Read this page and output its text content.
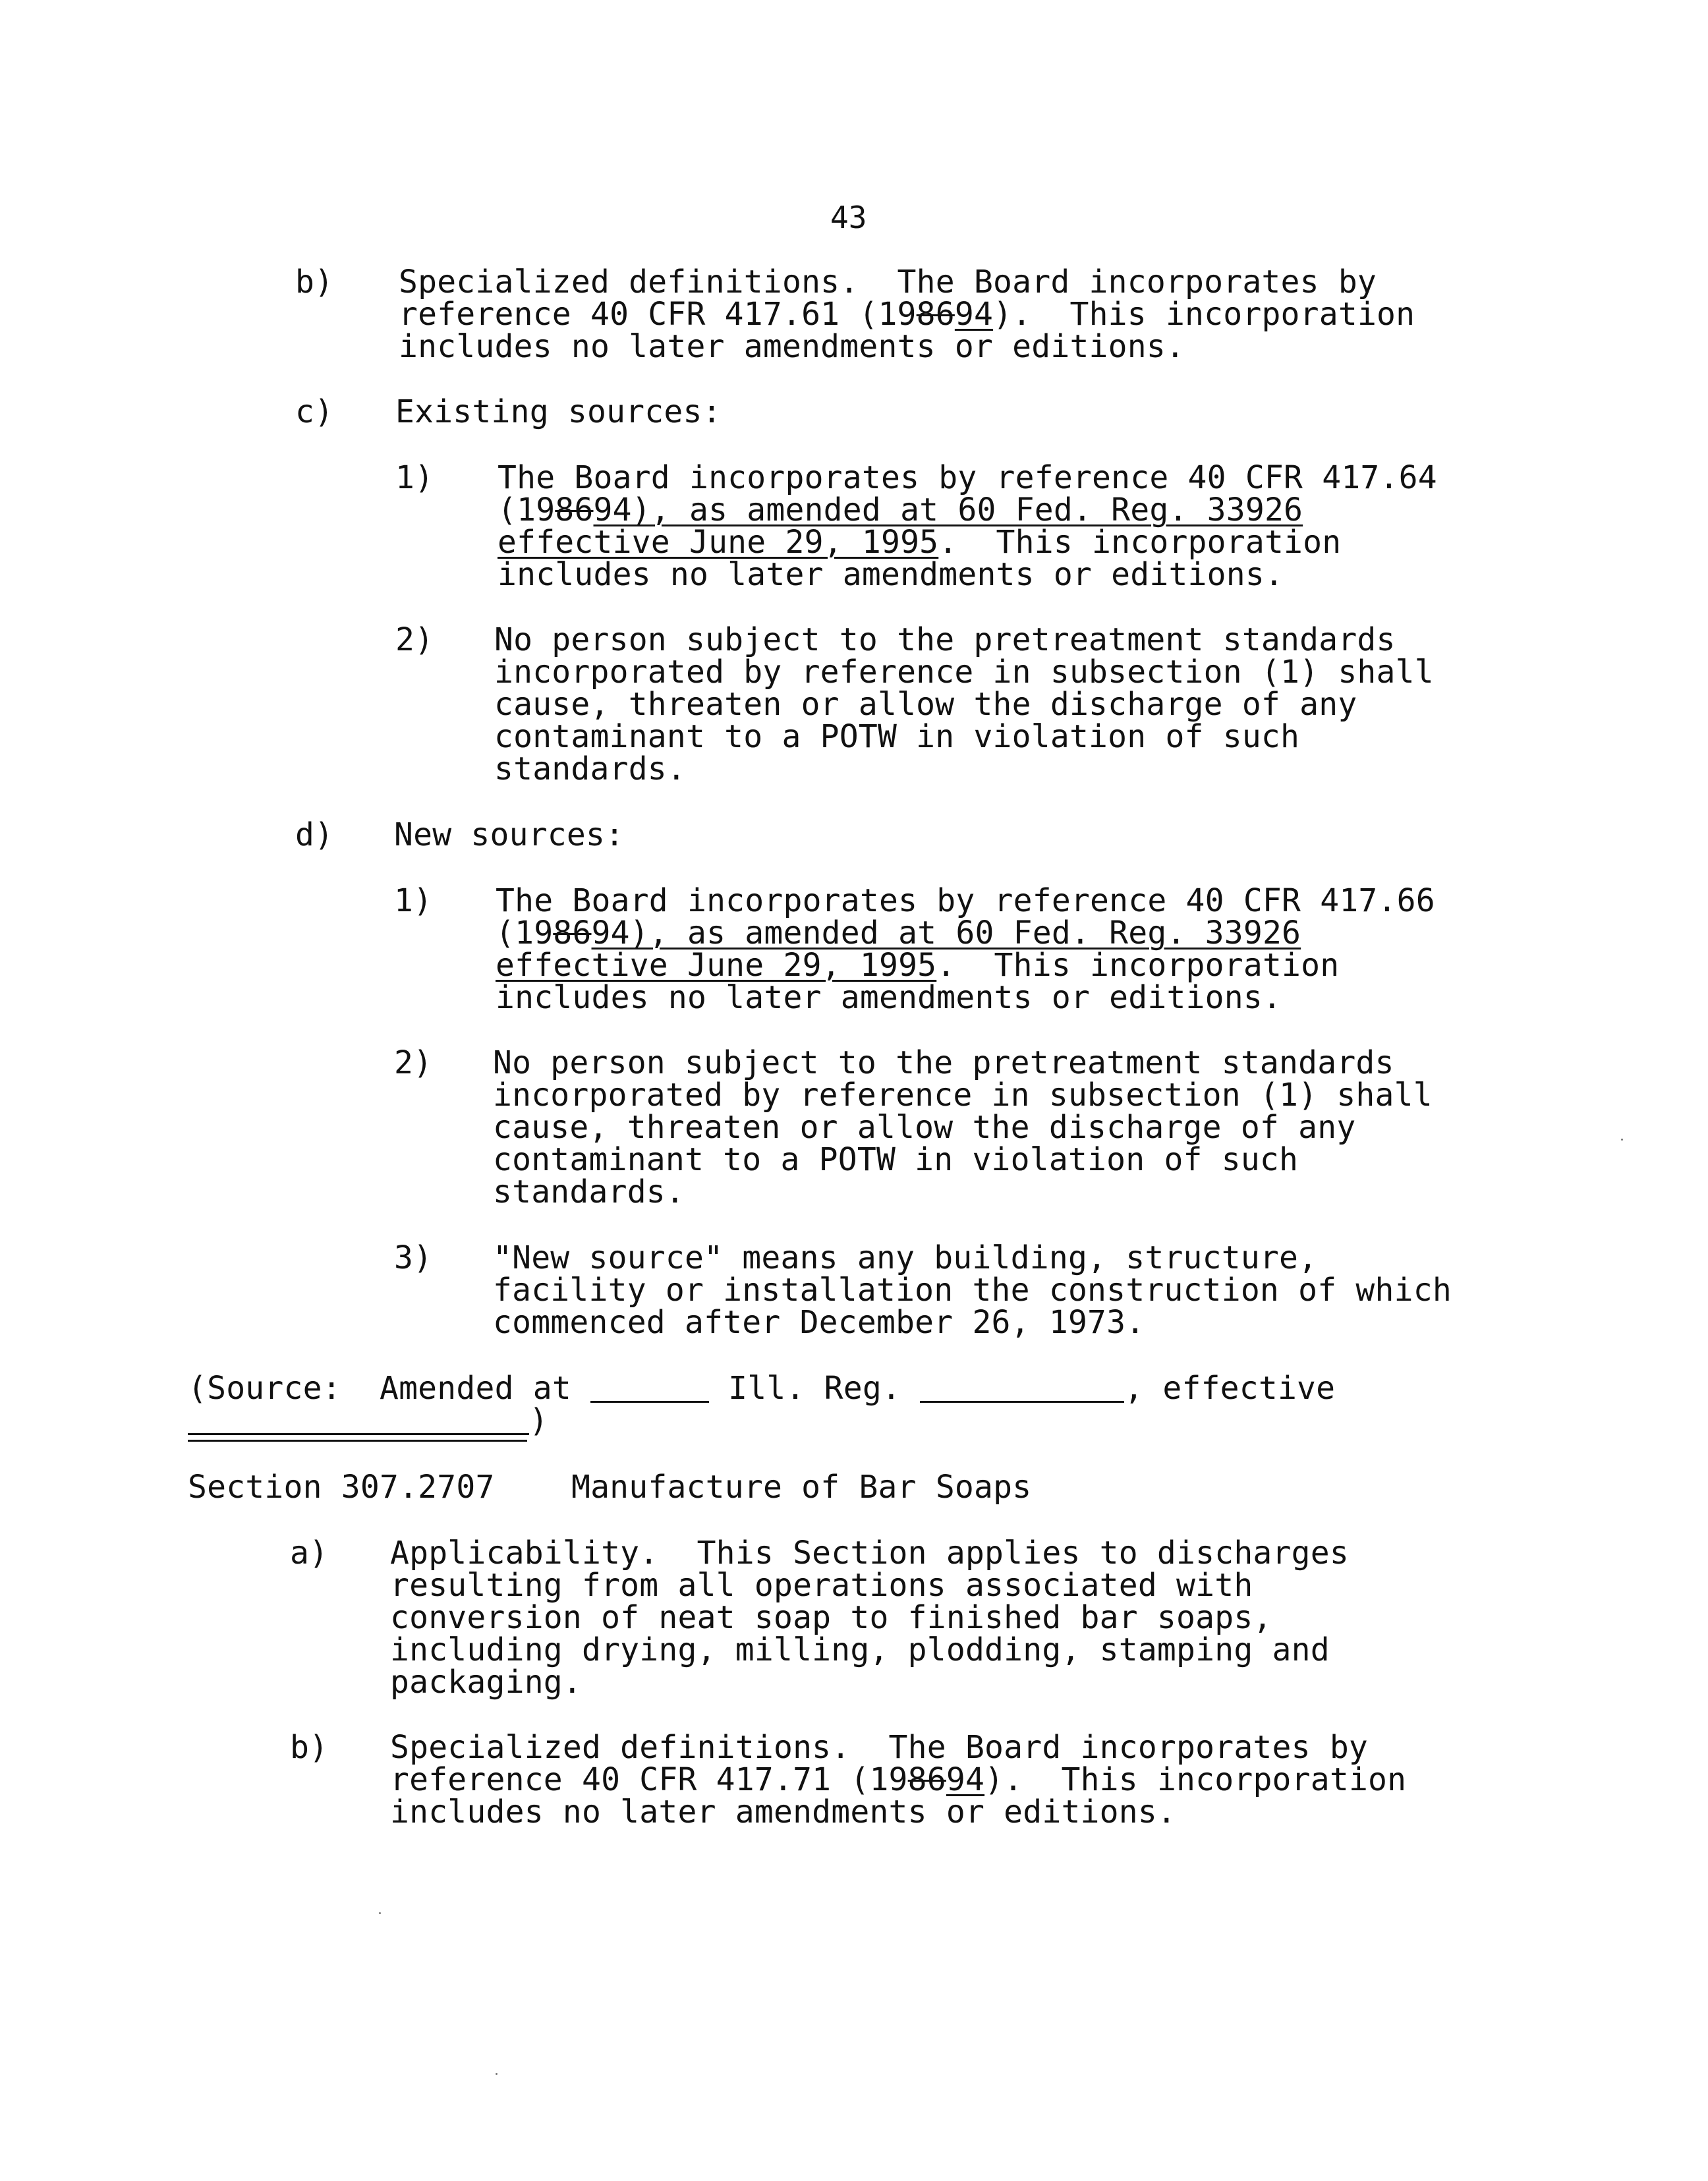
43
b) Specialized definitions.  The Board incorporates by
reference 40 CFR 417.61 (198694).  This incorporation
includes no later amendments or editions.
c) Existing sources:
1) The Board incorporates by reference 40 CFR 417.64
(198694), as amended at 60 Fed. Reg. 33926
effective June 29, 1995.  This incorporation
includes no later amendments or editions.
2) No person subject to the pretreatment standards
incorporated by reference in subsection (1) shall
cause, threaten or allow the discharge of any
contaminant to a POTW in violation of such
standards.
d) New sources:
1) The Board incorporates by reference 40 CFR 417.66
(198694), as amended at 60 Fed. Reg. 33926
effective June 29, 1995.  This incorporation
includes no later amendments or editions.
2) No person subject to the pretreatment standards
incorporated by reference in subsection (1) shall
cause, threaten or allow the discharge of any
contaminant to a POTW in violation of such
standards.
3) "New source" means any building, structure,
facility or installation the construction of which
commenced after December 26, 1973.
(Source:  Amended at	Ill. Reg.	, effective
)
Section 307.2707    Manufacture of Bar Soaps
a) Applicability.  This Section applies to discharges
resulting from all operations associated with
conversion of neat soap to finished bar soaps,
including drying, milling, plodding, stamping and
packaging.
b) Specialized definitions.  The Board incorporates by
reference 40 CFR 417.71 (198694).  This incorporation
includes no later amendments or editions.
